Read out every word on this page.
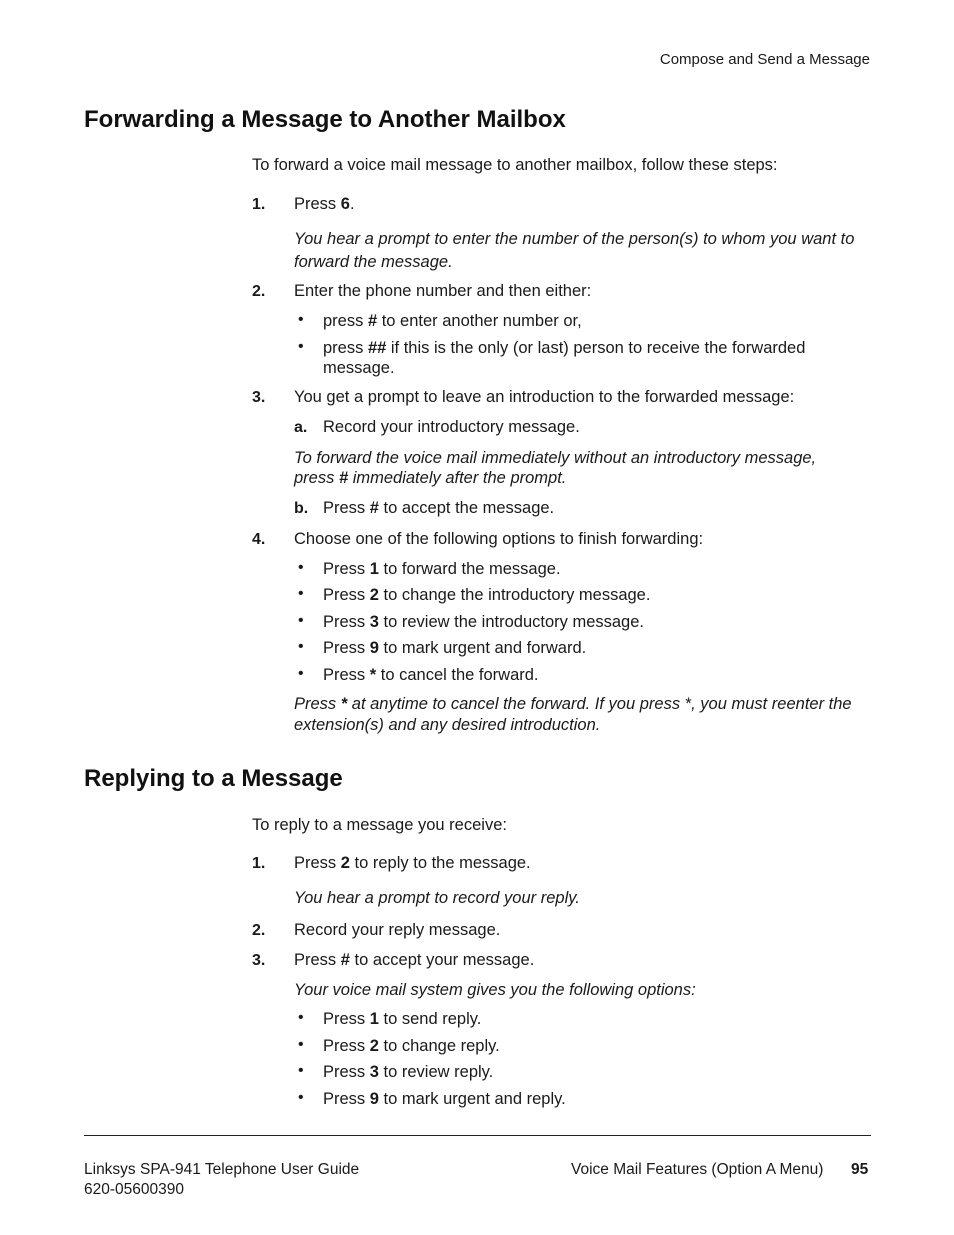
Compose and Send a Message
Forwarding a Message to Another Mailbox
To forward a voice mail message to another mailbox, follow these steps:
1. Press 6.
You hear a prompt to enter the number of the person(s) to whom you want to
forward the message.
2. Enter the phone number and then either:
• press # to enter another number or,
• press ## if this is the only (or last) person to receive the forwarded
message.
3. You get a prompt to leave an introduction to the forwarded message:
a. Record your introductory message.
To forward the voice mail immediately without an introductory message,
press # immediately after the prompt.
b. Press # to accept the message.
4. Choose one of the following options to finish forwarding:
• Press 1 to forward the message.
• Press 2 to change the introductory message.
• Press 3 to review the introductory message.
• Press 9 to mark urgent and forward.
• Press * to cancel the forward.
Press * at anytime to cancel the forward. If you press *, you must reenter the
extension(s) and any desired introduction.
Replying to a Message
To reply to a message you receive:
1. Press 2 to reply to the message.
You hear a prompt to record your reply.
2. Record your reply message.
3. Press # to accept your message.
Your voice mail system gives you the following options:
• Press 1 to send reply.
• Press 2 to change reply.
• Press 3 to review reply.
• Press 9 to mark urgent and reply.
Linksys SPA-941 Telephone User Guide
620-05600390
Voice Mail Features (Option A Menu) 95
